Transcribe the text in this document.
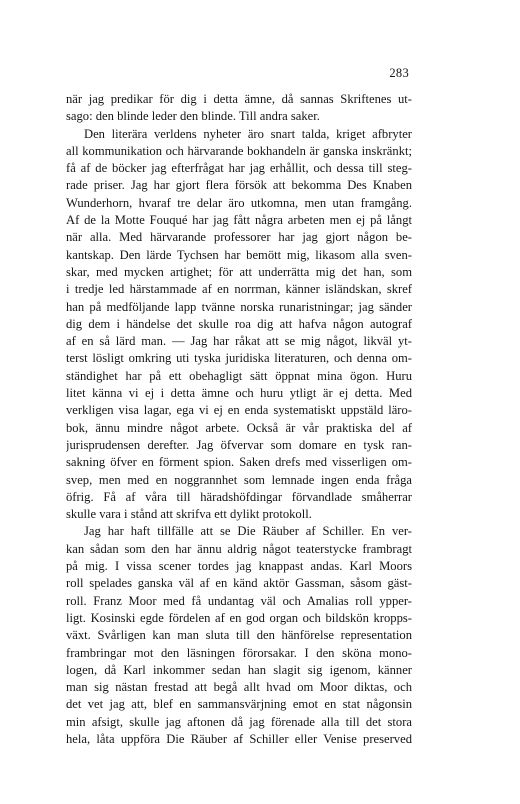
283
när jag predikar för dig i detta ämne, då sannas Skriftenes ut-
sago: den blinde leder den blinde. Till andra saker.
Den literära verldens nyheter äro snart talda, kriget afbryter
all kommunikation och härvarande bokhandeln är ganska inskränkt;
få af de böcker jag efterfrågat har jag erhållit, och dessa till steg-
rade priser. Jag har gjort flera försök att bekomma Des Knaben
Wunderhorn, hvaraf tre delar äro utkomna, men utan framgång.
Af de la Motte Fouqué har jag fått några arbeten men ej på långt
när alla. Med härvarande professorer har jag gjort någon be-
kantskap. Den lärde Tychsen har bemött mig, likasom alla sven-
skar, med mycken artighet; för att underrätta mig det han, som
i tredje led härstammade af en norrman, känner isländskan, skref
han på medföljande lapp tvänne norska runaristningar; jag sänder
dig dem i händelse det skulle roa dig att hafva någon autograf
af en så lärd man. — Jag har råkat att se mig något, likväl yt-
terst lösligt omkring uti tyska juridiska literaturen, och denna om-
ständighet har på ett obehagligt sätt öppnat mina ögon. Huru
litet känna vi ej i detta ämne och huru ytligt är ej detta. Med
verkligen visa lagar, ega vi ej en enda systematiskt uppstäld läro-
bok, ännu mindre något arbete. Också är vår praktiska del af
jurisprudensen derefter. Jag öfvervar som domare en tysk ran-
sakning öfver en förment spion. Saken drefs med visserligen om-
svep, men med en noggrannhet som lemnade ingen enda fråga
öfrig. Få af våra till häradshöfdingar förvandlade småherrar
skulle vara i stånd att skrifva ett dylikt protokoll.
Jag har haft tillfälle att se Die Räuber af Schiller. En ver-
kan sådan som den har ännu aldrig något teaterstycke frambragt
på mig. I vissa scener tordes jag knappast andas. Karl Moors
roll spelades ganska väl af en känd aktör Gassman, såsom gäst-
roll. Franz Moor med få undantag väl och Amalias roll ypper-
ligt. Kosinski egde fördelen af en god organ och bildskön kropps-
växt. Svårligen kan man sluta till den hänförelse representation
frambringar mot den läsningen förorsakar. I den sköna mono-
logen, då Karl inkommer sedan han slagit sig igenom, känner
man sig nästan frestad att begå allt hvad om Moor diktas, och
det vet jag att, blef en sammansvärjning emot en stat någonsin
min afsigt, skulle jag aftonen då jag förenade alla till det stora
hela, låta uppföra Die Räuber af Schiller eller Venise preserved
